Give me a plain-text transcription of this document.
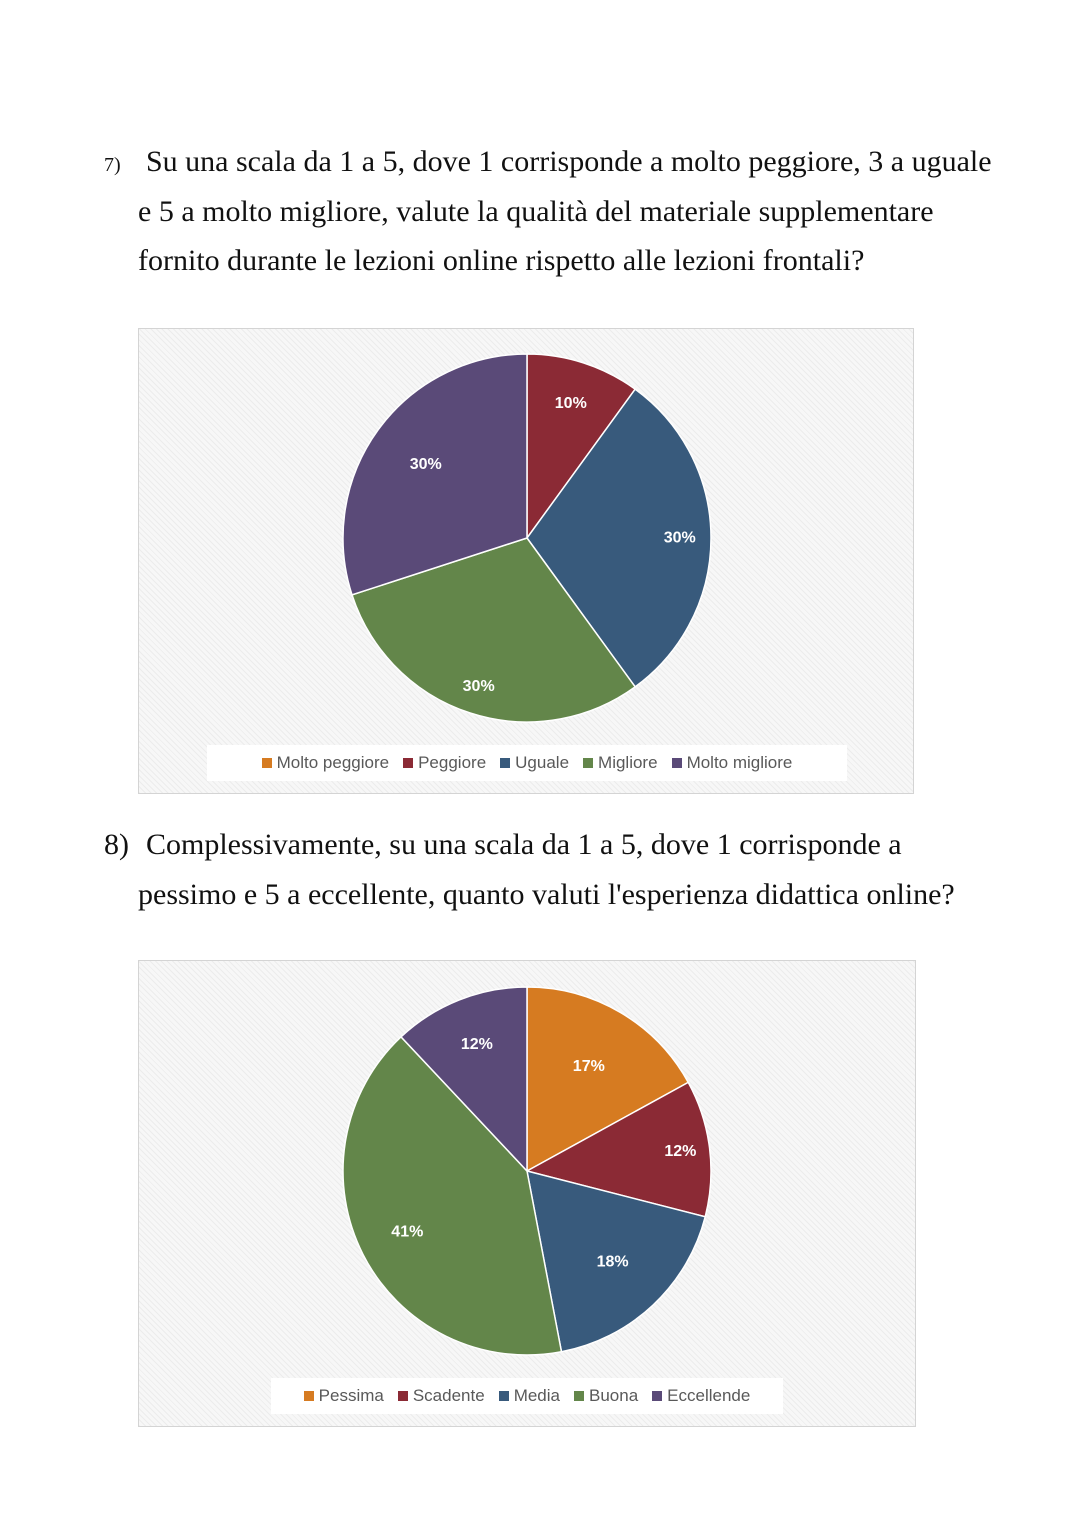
7) Su una scala da 1 a 5, dove 1 corrisponde a molto peggiore, 3 a uguale e 5 a molto migliore, valute la qualità del materiale supplementare fornito durante le lezioni online rispetto alle lezioni frontali?
10%
30%
30%
30%
Molto peggiore Peggiore Uguale Migliore Molto migliore
8) Complessivamente, su una scala da 1 a 5, dove 1 corrisponde a pessimo e 5 a eccellente, quanto valuti l'esperienza didattica online?
17%
12%
18%
41%
12%
Pessima Scadente Media Buona Eccellende
